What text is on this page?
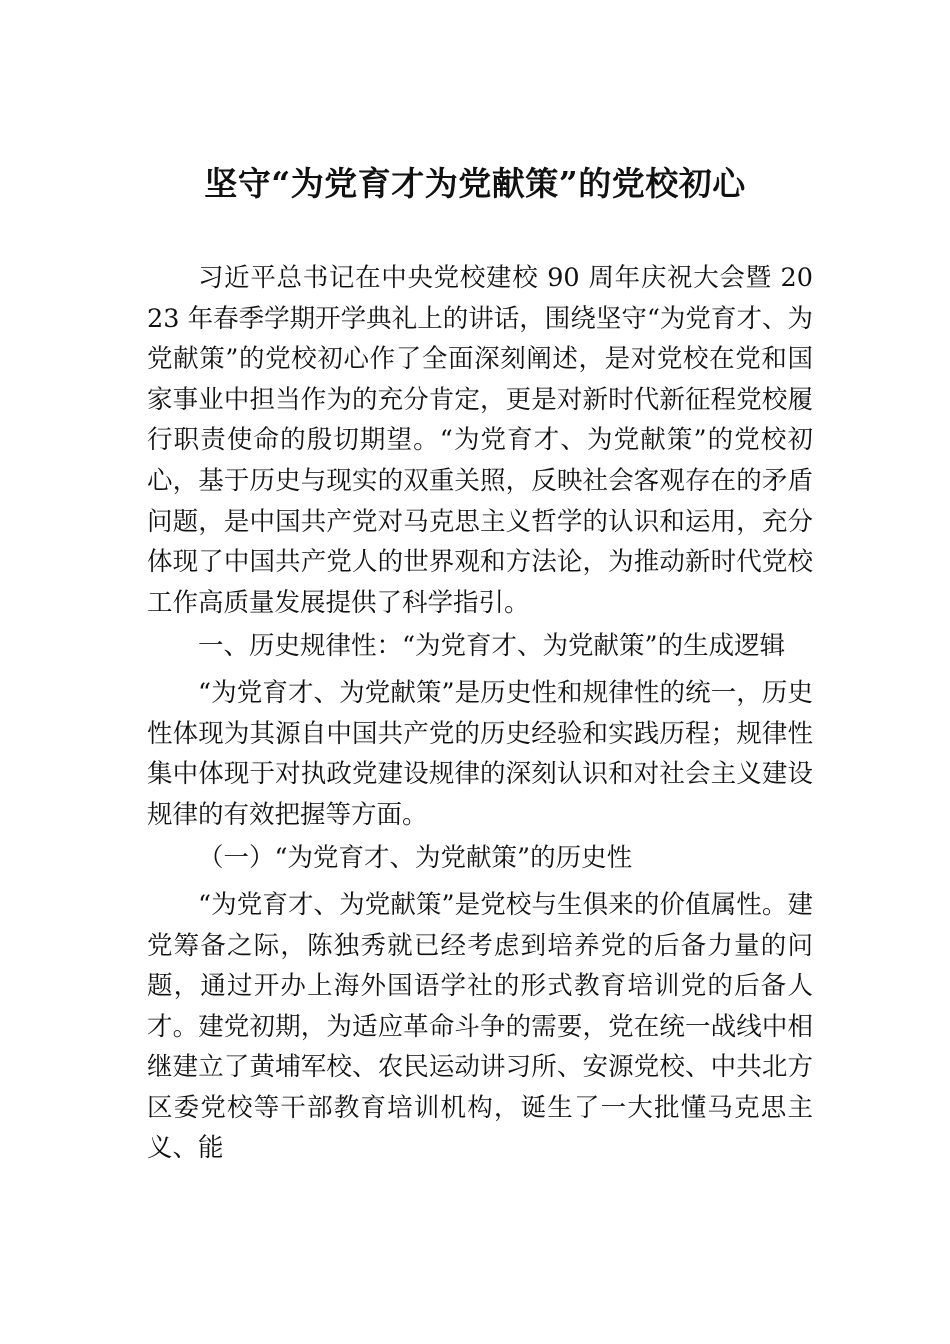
坚守“为党育才为党献策”的党校初心

习近平总书记在中央党校建校 90 周年庆祝大会暨 2023 年春季学期开学典礼上的讲话，围绕坚守“为党育才、为党献策”的党校初心作了全面深刻阐述，是对党校在党和国家事业中担当作为的充分肯定，更是对新时代新征程党校履行职责使命的殷切期望。“为党育才、为党献策”的党校初心，基于历史与现实的双重关照，反映社会客观存在的矛盾问题，是中国共产党对马克思主义哲学的认识和运用，充分体现了中国共产党人的世界观和方法论，为推动新时代党校工作高质量发展提供了科学指引。

一、历史规律性：“为党育才、为党献策”的生成逻辑

“为党育才、为党献策”是历史性和规律性的统一，历史性体现为其源自中国共产党的历史经验和实践历程；规律性集中体现于对执政党建设规律的深刻认识和对社会主义建设规律的有效把握等方面。

（一）“为党育才、为党献策”的历史性

“为党育才、为党献策”是党校与生俱来的价值属性。建党筹备之际，陈独秀就已经考虑到培养党的后备力量的问题，通过开办上海外国语学社的形式教育培训党的后备人才。建党初期，为适应革命斗争的需要，党在统一战线中相继建立了黄埔军校、农民运动讲习所、安源党校、中共北方区委党校等干部教育培训机构，诞生了一大批懂马克思主义、能
